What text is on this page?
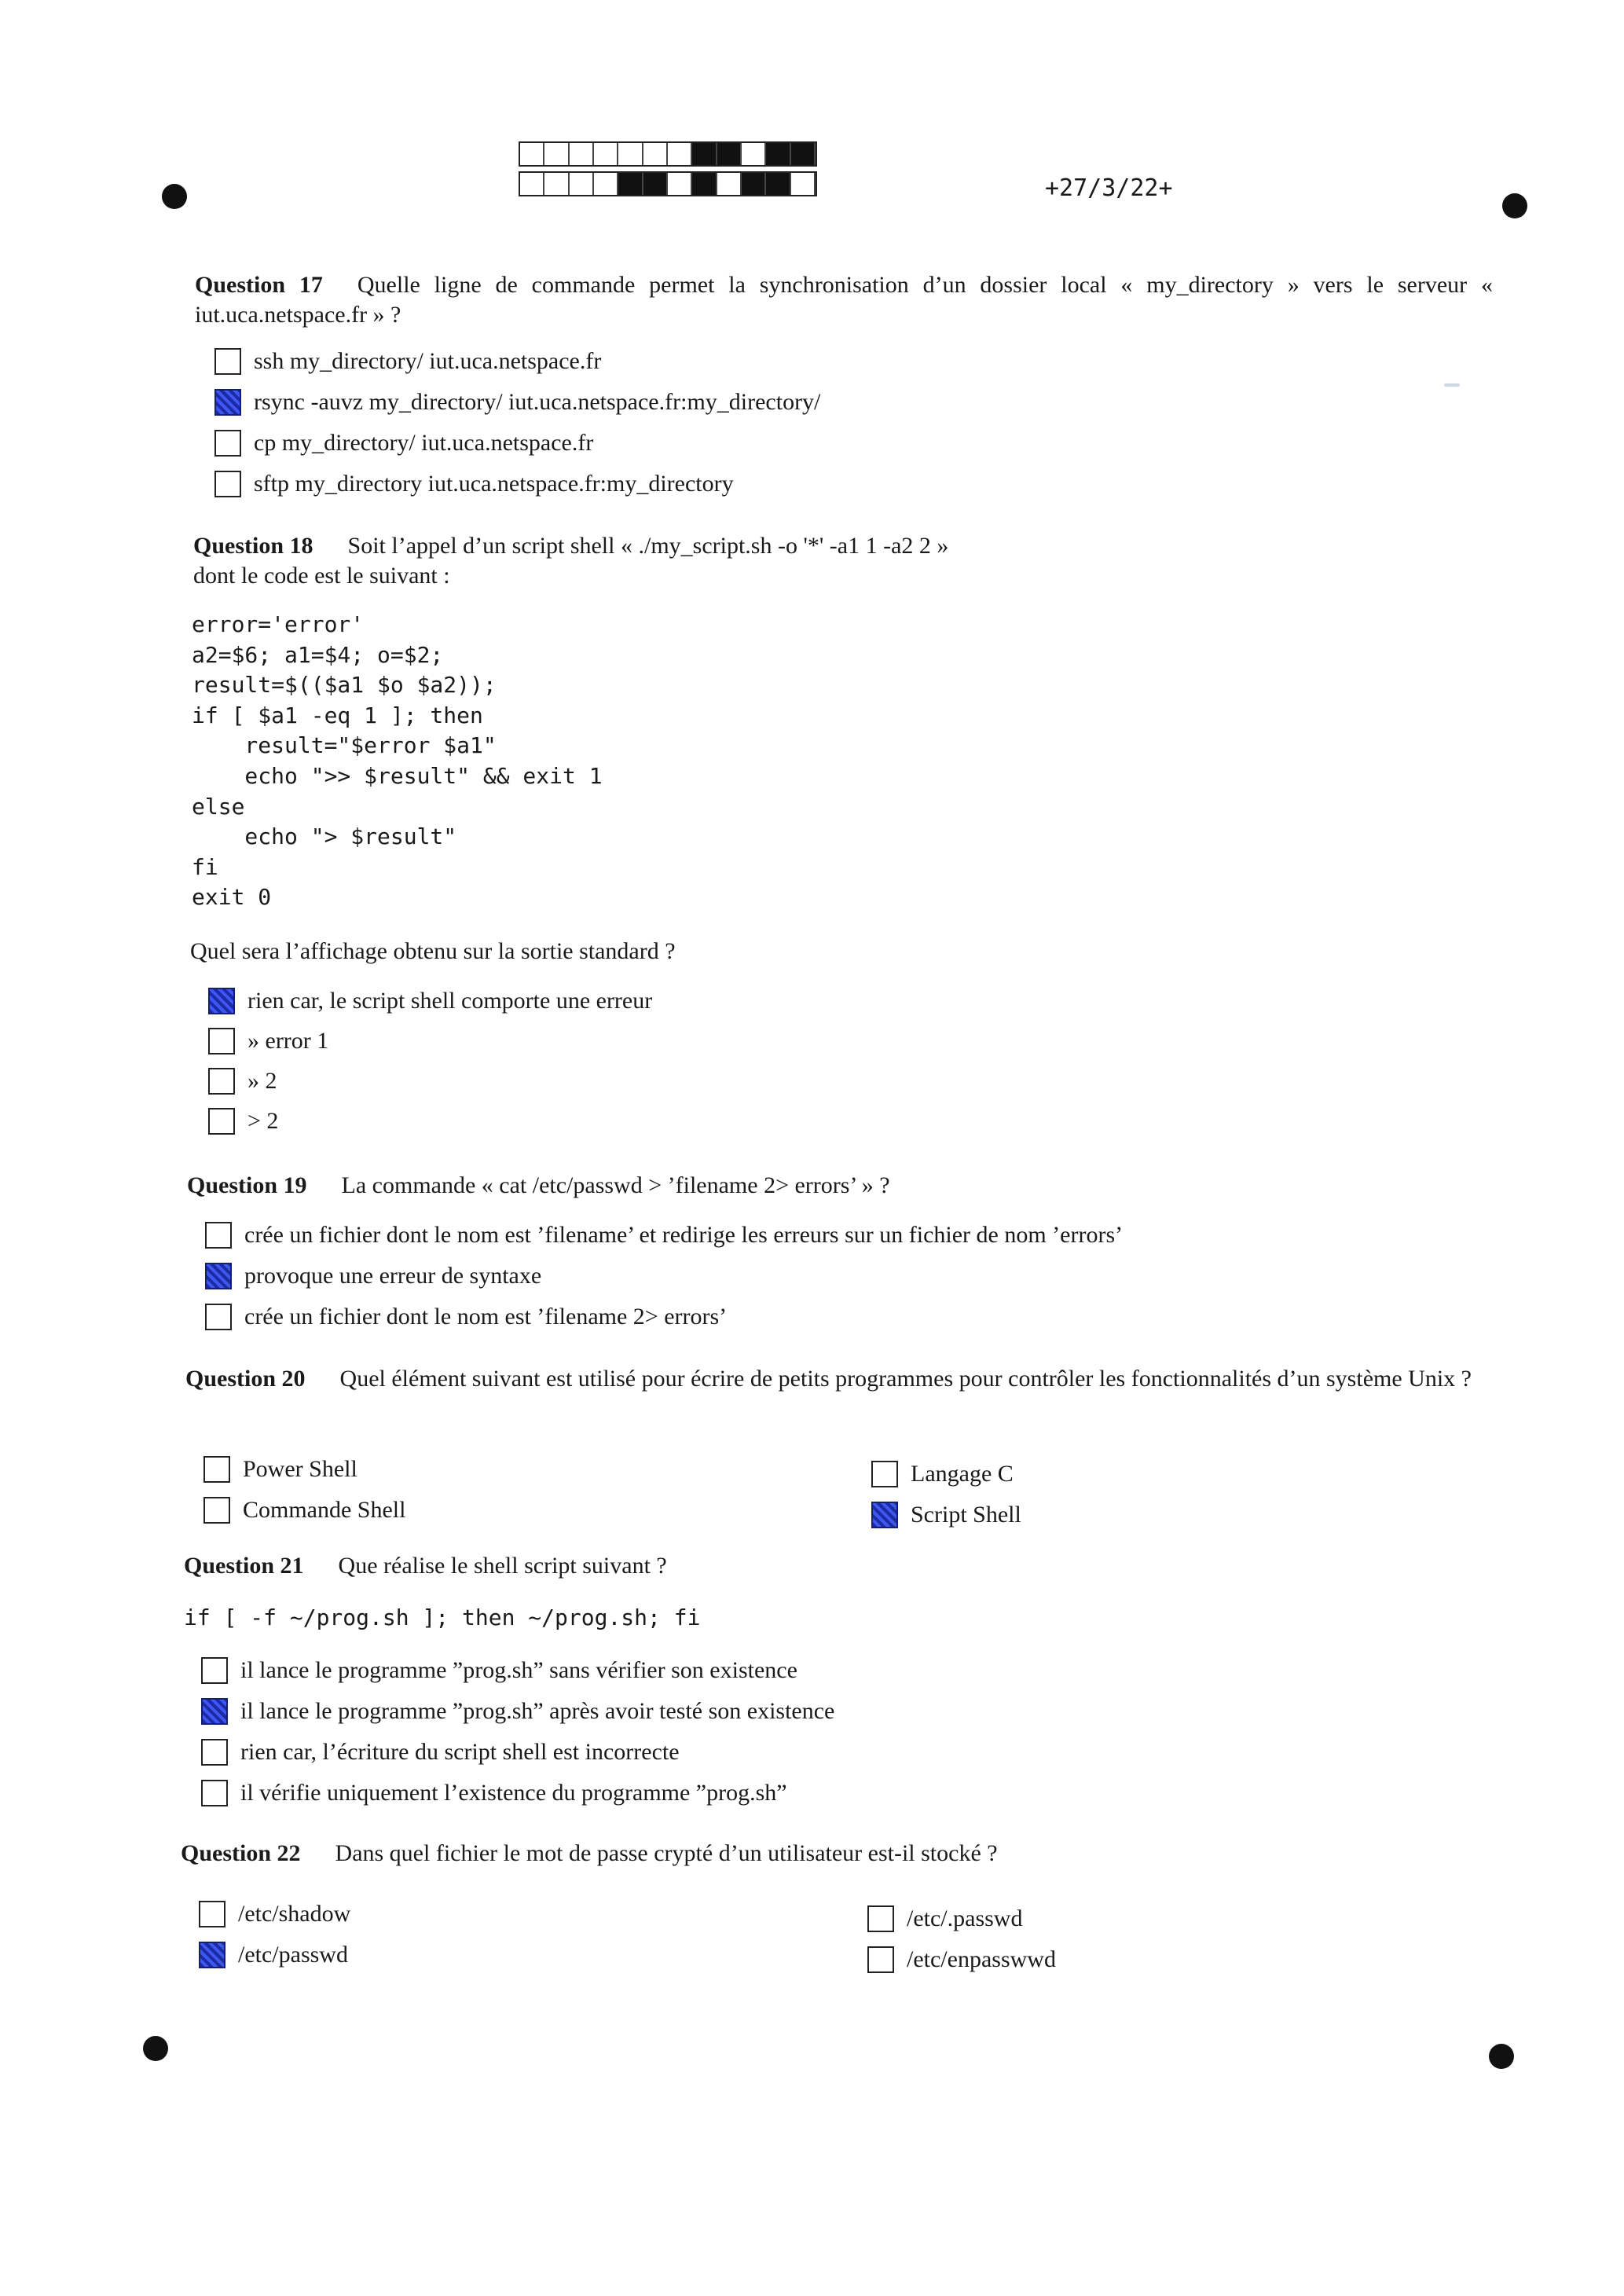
+27/3/22+
Question 17 Quelle ligne de commande permet la synchronisation d’un dossier local « my_directory » vers le serveur « iut.uca.netspace.fr » ?
ssh my_directory/ iut.uca.netspace.fr
rsync -auvz my_directory/ iut.uca.netspace.fr:my_directory/
cp my_directory/ iut.uca.netspace.fr
sftp my_directory iut.uca.netspace.fr:my_directory
Question 18 Soit l’appel d’un script shell « ./my_script.sh -o '*' -a1 1 -a2 2 »
dont le code est le suivant :
error='error'
a2=$6; a1=$4; o=$2;
result=$(($a1 $o $a2));
if [ $a1 -eq 1 ]; then
result="$error $a1"
echo ">> $result" && exit 1
else
echo "> $result"
fi
exit 0
Quel sera l’affichage obtenu sur la sortie standard ?
rien car, le script shell comporte une erreur
» error 1
» 2
> 2
Question 19 La commande « cat /etc/passwd > ’filename 2> errors’ » ?
crée un fichier dont le nom est ’filename’ et redirige les erreurs sur un fichier de nom ’errors’
provoque une erreur de syntaxe
crée un fichier dont le nom est ’filename 2> errors’
Question 20 Quel élément suivant est utilisé pour écrire de petits programmes pour contrôler les fonctionnalités d’un système Unix ?
Power Shell
Commande Shell
Langage C
Script Shell
Question 21 Que réalise le shell script suivant ?
if [ -f ~/prog.sh ]; then ~/prog.sh; fi
il lance le programme ”prog.sh” sans vérifier son existence
il lance le programme ”prog.sh” après avoir testé son existence
rien car, l’écriture du script shell est incorrecte
il vérifie uniquement l’existence du programme ”prog.sh”
Question 22 Dans quel fichier le mot de passe crypté d’un utilisateur est-il stocké ?
/etc/shadow
/etc/passwd
/etc/.passwd
/etc/enpasswwd
